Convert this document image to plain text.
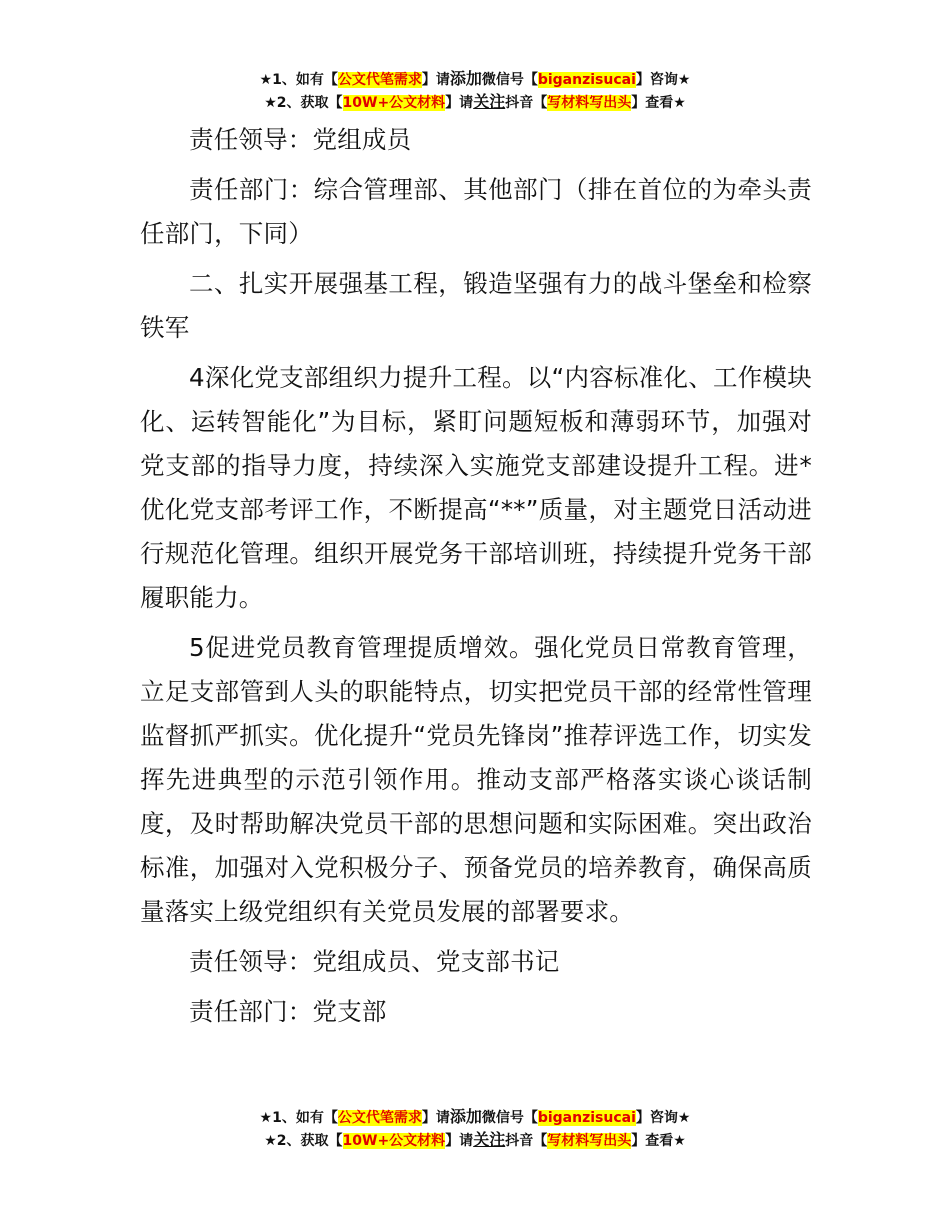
★1、如有【公文代笔需求】请添加微信号【biganzisucai】咨询★
★2、获取【10W+公文材料】请关注抖音【写材料写出头】查看★

责任领导：党组成员

责任部门：综合管理部、其他部门（排在首位的为牵头责任部门，下同）

二、扎实开展强基工程，锻造坚强有力的战斗堡垒和检察铁军

4深化党支部组织力提升工程。以“内容标准化、工作模块化、运转智能化”为目标，紧盯问题短板和薄弱环节，加强对党支部的指导力度，持续深入实施党支部建设提升工程。进*优化党支部考评工作，不断提高“**”质量，对主题党日活动进行规范化管理。组织开展党务干部培训班，持续提升党务干部履职能力。

5促进党员教育管理提质增效。强化党员日常教育管理，立足支部管到人头的职能特点，切实把党员干部的经常性管理监督抓严抓实。优化提升“党员先锋岗”推荐评选工作，切实发挥先进典型的示范引领作用。推动支部严格落实谈心谈话制度，及时帮助解决党员干部的思想问题和实际困难。突出政治标准，加强对入党积极分子、预备党员的培养教育，确保高质量落实上级党组织有关党员发展的部署要求。

责任领导：党组成员、党支部书记

责任部门：党支部

★1、如有【公文代笔需求】请添加微信号【biganzisucai】咨询★
★2、获取【10W+公文材料】请关注抖音【写材料写出头】查看★
